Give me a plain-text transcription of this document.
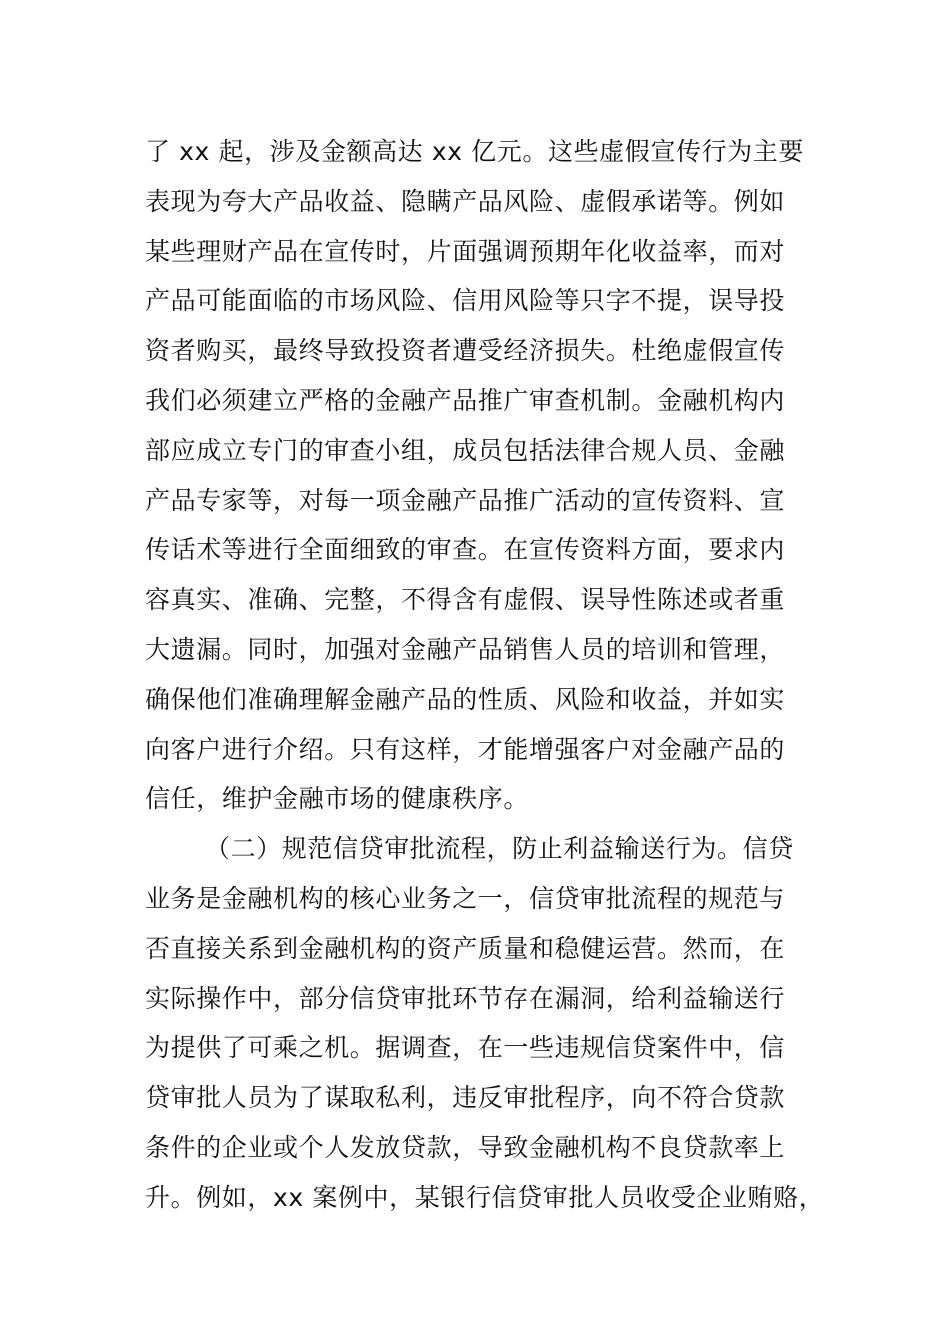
了 xx 起，涉及金额高达 xx 亿元。这些虚假宣传行为主要
表现为夸大产品收益、隐瞒产品风险、虚假承诺等。例如
某些理财产品在宣传时，片面强调预期年化收益率，而对
产品可能面临的市场风险、信用风险等只字不提，误导投
资者购买，最终导致投资者遭受经济损失。杜绝虚假宣传
我们必须建立严格的金融产品推广审查机制。金融机构内
部应成立专门的审查小组，成员包括法律合规人员、金融
产品专家等，对每一项金融产品推广活动的宣传资料、宣
传话术等进行全面细致的审查。在宣传资料方面，要求内
容真实、准确、完整，不得含有虚假、误导性陈述或者重
大遗漏。同时，加强对金融产品销售人员的培训和管理，
确保他们准确理解金融产品的性质、风险和收益，并如实
向客户进行介绍。只有这样，才能增强客户对金融产品的
信任，维护金融市场的健康秩序。
（二）规范信贷审批流程，防止利益输送行为。信贷
业务是金融机构的核心业务之一，信贷审批流程的规范与
否直接关系到金融机构的资产质量和稳健运营。然而，在
实际操作中，部分信贷审批环节存在漏洞，给利益输送行
为提供了可乘之机。据调查，在一些违规信贷案件中，信
贷审批人员为了谋取私利，违反审批程序，向不符合贷款
条件的企业或个人发放贷款，导致金融机构不良贷款率上
升。例如，xx 案例中，某银行信贷审批人员收受企业贿赂，
